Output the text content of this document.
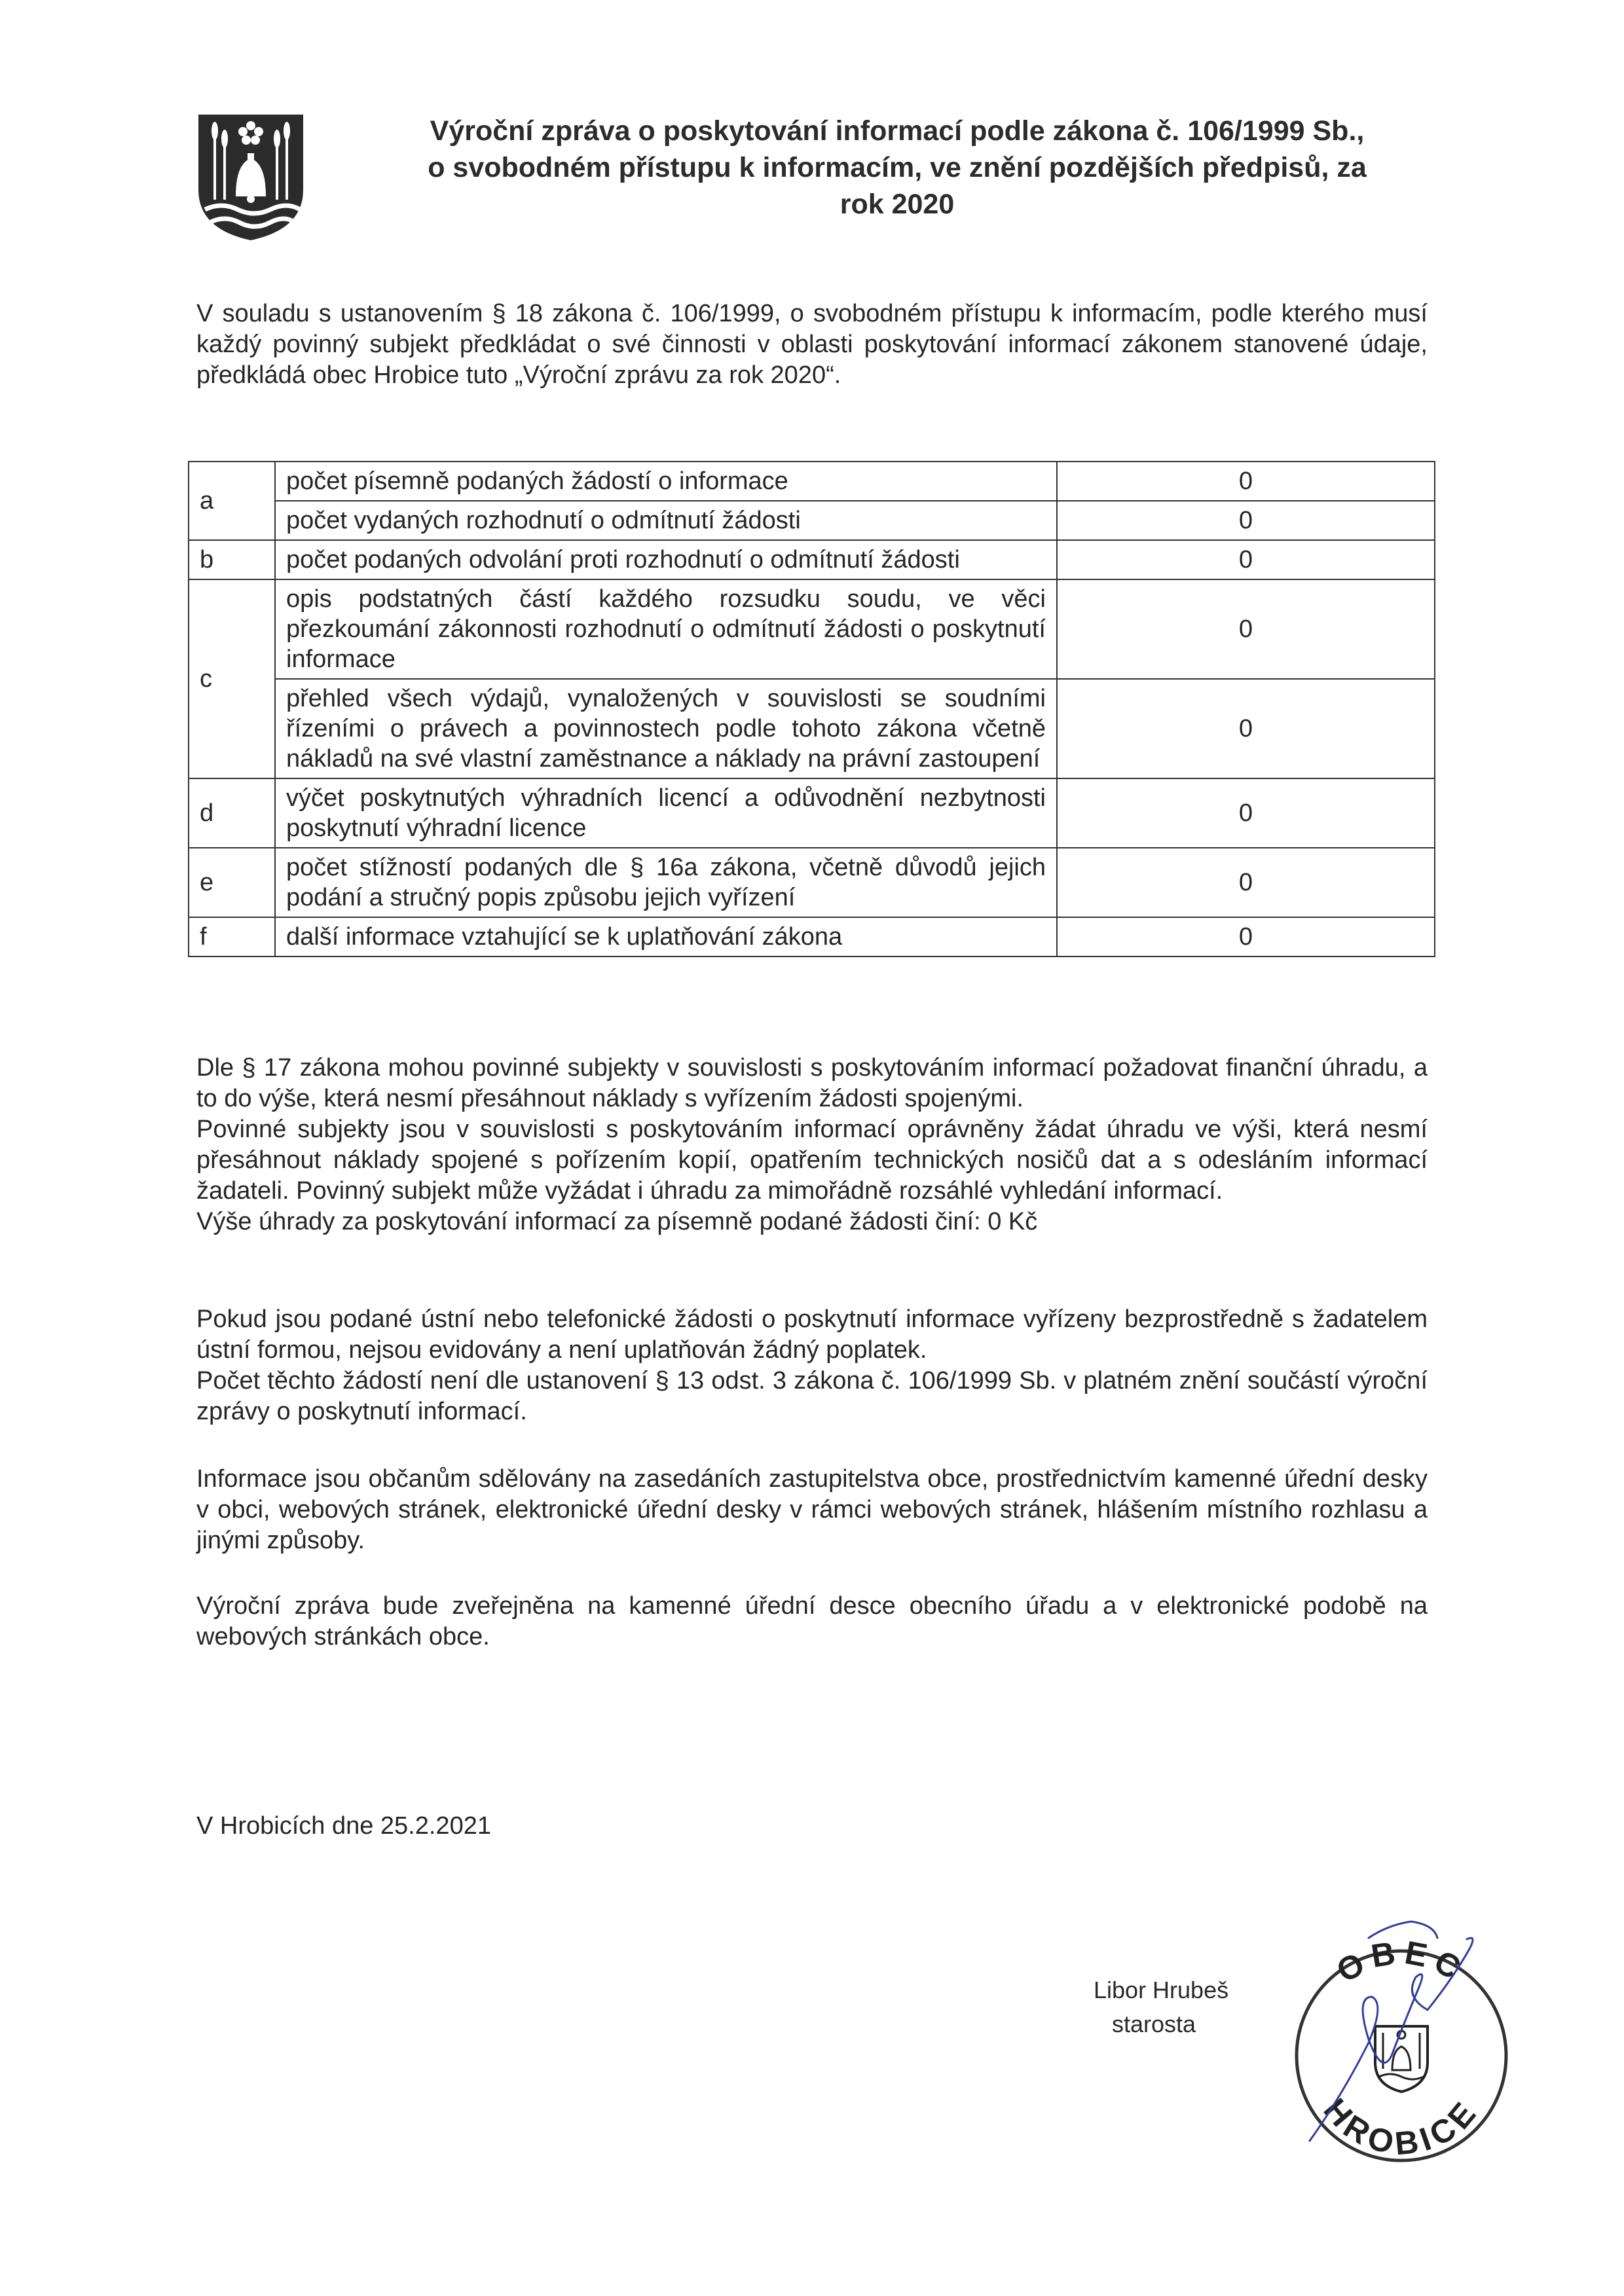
Výroční zpráva o poskytování informací podle zákona č. 106/1999 Sb.,
o svobodném přístupu k informacím, ve znění pozdějších předpisů, za
rok 2020

V souladu s ustanovením § 18 zákona č. 106/1999, o svobodném přístupu k informacím, podle kterého musí každý povinný subjekt předkládat o své činnosti v oblasti poskytování informací zákonem stanovené údaje, předkládá obec Hrobice tuto „Výroční zprávu za rok 2020“.

a	počet písemně podaných žádostí o informace	0
	počet vydaných rozhodnutí o odmítnutí žádosti	0
b	počet podaných odvolání proti rozhodnutí o odmítnutí žádosti	0
c	opis podstatných částí každého rozsudku soudu, ve věci přezkoumání zákonnosti rozhodnutí o odmítnutí žádosti o poskytnutí informace	0
	přehled všech výdajů, vynaložených v souvislosti se soudními řízeními o právech a povinnostech podle tohoto zákona včetně nákladů na své vlastní zaměstnance a náklady na právní zastoupení	0
d	výčet poskytnutých výhradních licencí a odůvodnění nezbytnosti poskytnutí výhradní licence	0
e	počet stížností podaných dle § 16a zákona, včetně důvodů jejich podání a stručný popis způsobu jejich vyřízení	0
f	další informace vztahující se k uplatňování zákona	0

Dle § 17 zákona mohou povinné subjekty v souvislosti s poskytováním informací požadovat finanční úhradu, a to do výše, která nesmí přesáhnout náklady s vyřízením žádosti spojenými.

Povinné subjekty jsou v souvislosti s poskytováním informací oprávněny žádat úhradu ve výši, která nesmí přesáhnout náklady spojené s pořízením kopií, opatřením technických nosičů dat a s odesláním informací žadateli. Povinný subjekt může vyžádat i úhradu za mimořádně rozsáhlé vyhledání informací.

Výše úhrady za poskytování informací za písemně podané žádosti činí: 0 Kč

Pokud jsou podané ústní nebo telefonické žádosti o poskytnutí informace vyřízeny bezprostředně s žadatelem ústní formou, nejsou evidovány a není uplatňován žádný poplatek.

Počet těchto žádostí není dle ustanovení § 13 odst. 3 zákona č. 106/1999 Sb. v platném znění součástí výroční zprávy o poskytnutí informací.

Informace jsou občanům sdělovány na zasedáních zastupitelstva obce, prostřednictvím kamenné úřední desky v obci, webových stránek, elektronické úřední desky v rámci webových stránek, hlášením místního rozhlasu a jinými způsoby.

Výroční zpráva bude zveřejněna na kamenné úřední desce obecního úřadu a v elektronické podobě na webových stránkách obce.

V Hrobicích dne 25.2.2021
Libor Hrubeš
starosta
OBEC
HROBICE
